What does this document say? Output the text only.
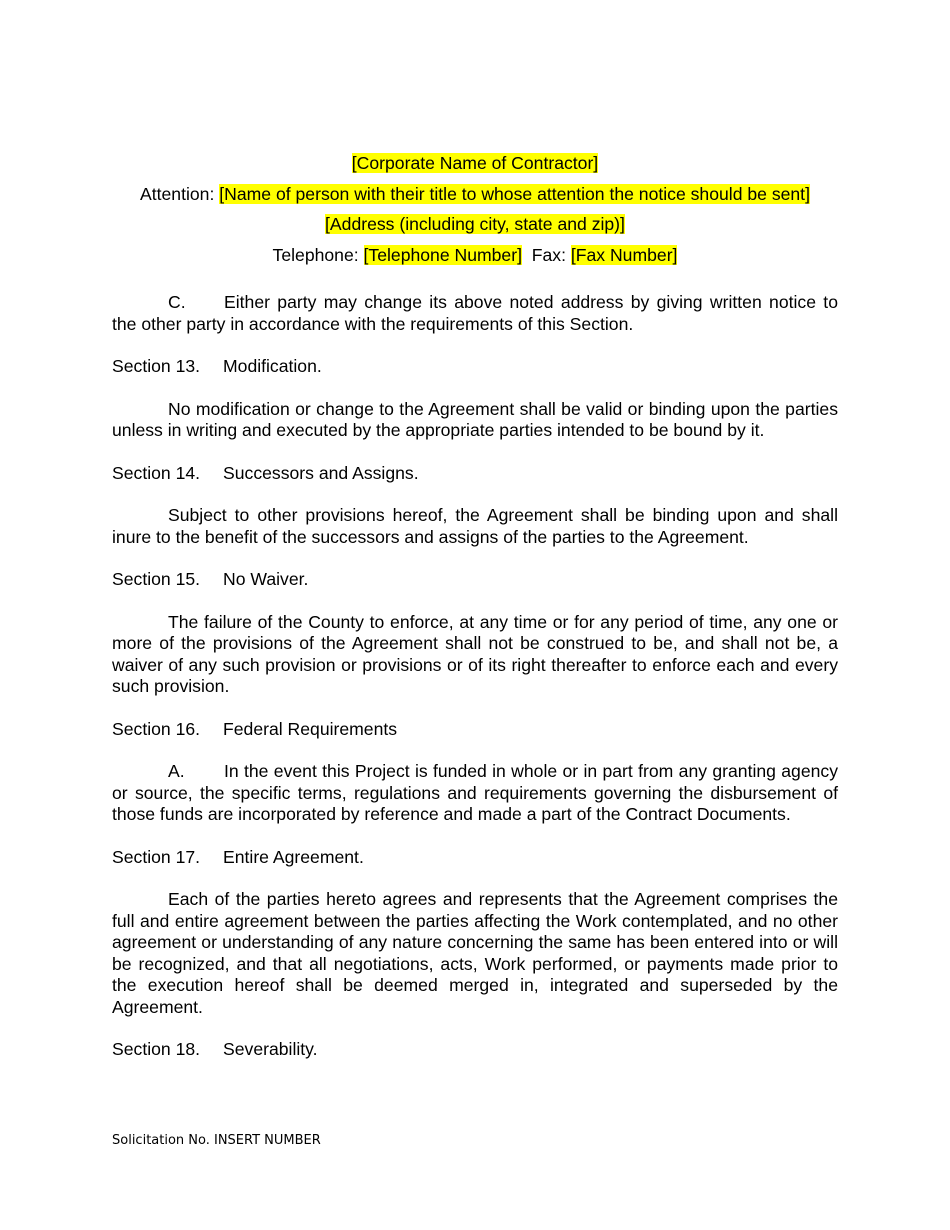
[Corporate Name of Contractor]
Attention: [Name of person with their title to whose attention the notice should be sent]
[Address (including city, state and zip)]
Telephone: [Telephone Number] Fax: [Fax Number]
C. Either party may change its above noted address by giving written notice to the other party in accordance with the requirements of this Section.
Section 13. Modification.
No modification or change to the Agreement shall be valid or binding upon the parties unless in writing and executed by the appropriate parties intended to be bound by it.
Section 14. Successors and Assigns.
Subject to other provisions hereof, the Agreement shall be binding upon and shall inure to the benefit of the successors and assigns of the parties to the Agreement.
Section 15. No Waiver.
The failure of the County to enforce, at any time or for any period of time, any one or more of the provisions of the Agreement shall not be construed to be, and shall not be, a waiver of any such provision or provisions or of its right thereafter to enforce each and every such provision.
Section 16. Federal Requirements
A. In the event this Project is funded in whole or in part from any granting agency or source, the specific terms, regulations and requirements governing the disbursement of those funds are incorporated by reference and made a part of the Contract Documents.
Section 17. Entire Agreement.
Each of the parties hereto agrees and represents that the Agreement comprises the full and entire agreement between the parties affecting the Work contemplated, and no other agreement or understanding of any nature concerning the same has been entered into or will be recognized, and that all negotiations, acts, Work performed, or payments made prior to the execution hereof shall be deemed merged in, integrated and superseded by the Agreement.
Section 18. Severability.
Solicitation No. INSERT NUMBER
